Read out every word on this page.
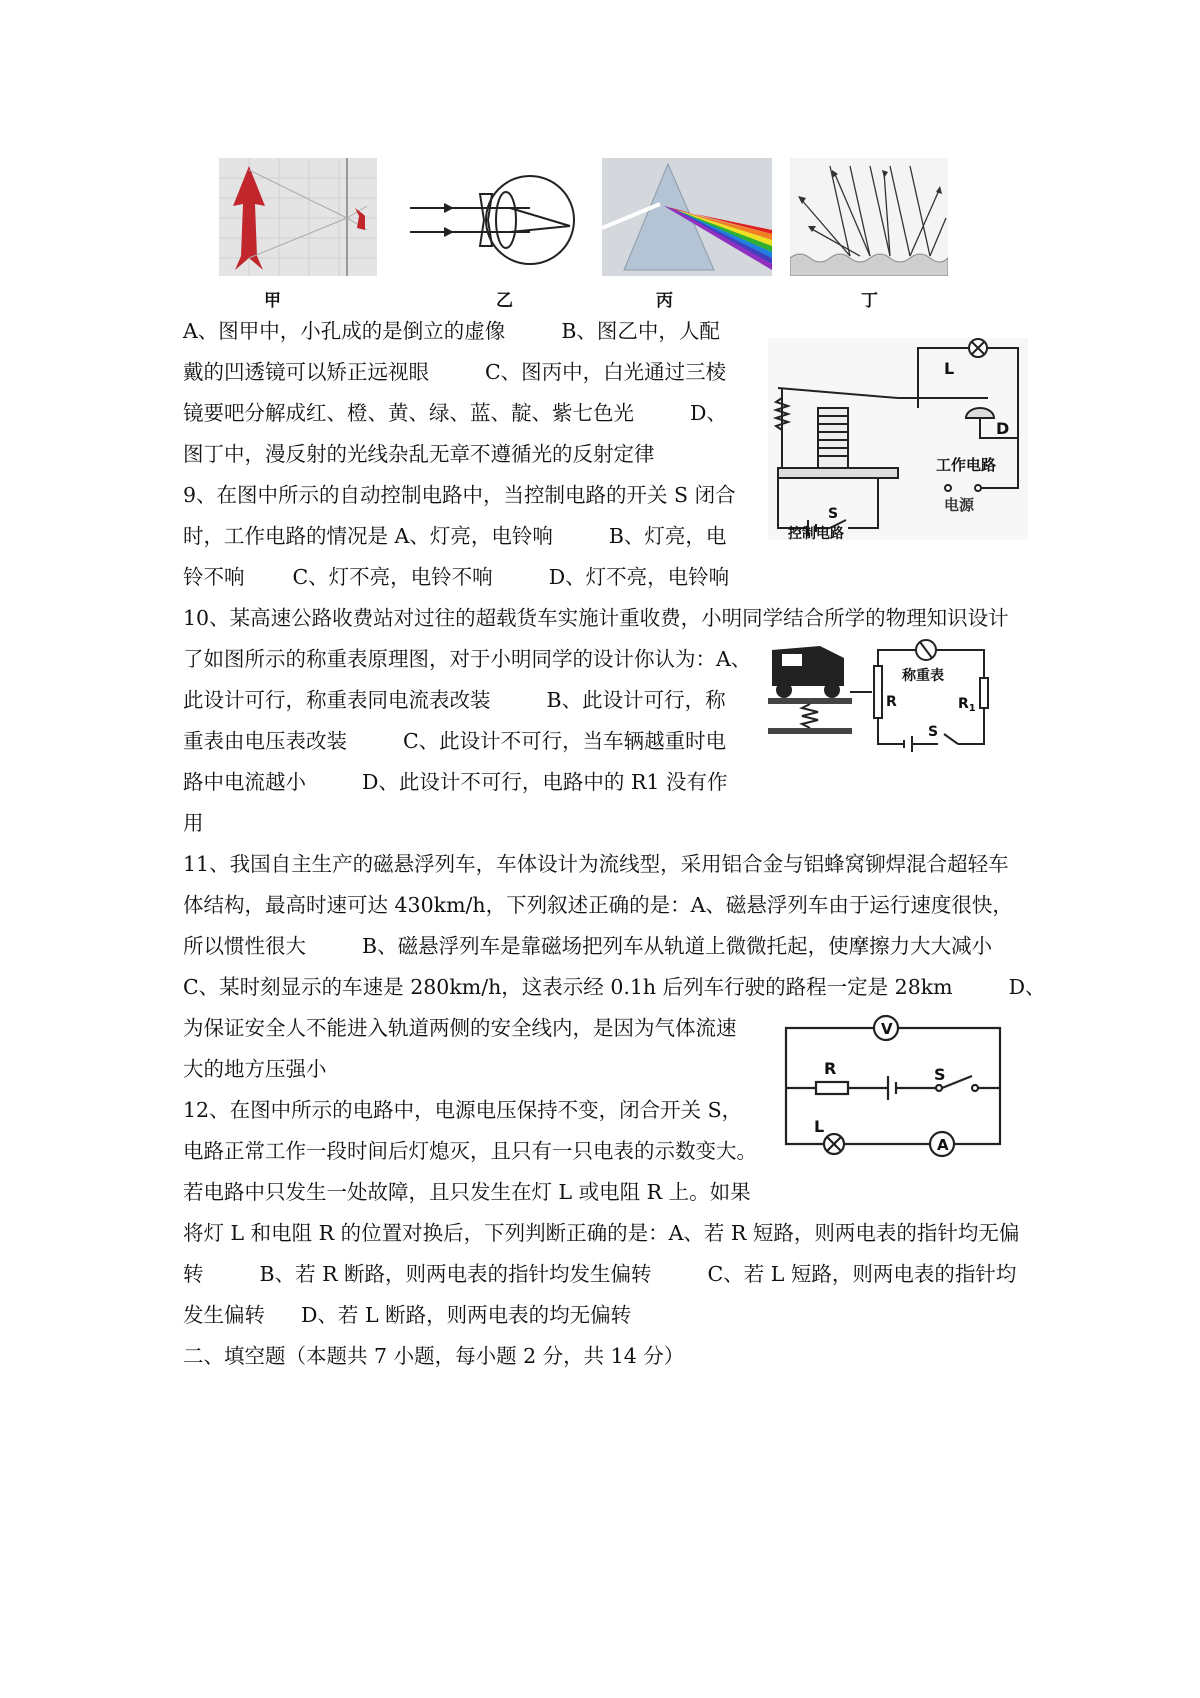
甲	乙	丙	丁
L
D
工作电路
电源
S
控制电路
称重表
R	$R_1$
S
V
R	S
L
A
A、图甲中，小孔成的是倒立的虚像	B、图乙中，人配
戴的凹透镜可以矫正远视眼	C、图丙中，白光通过三棱
镜要吧分解成红、橙、黄、绿、蓝、靛、紫七色光	D、
图丁中，漫反射的光线杂乱无章不遵循光的反射定律
9、在图中所示的自动控制电路中，当控制电路的开关 S 闭合
时，工作电路的情况是 A、灯亮，电铃响	B、灯亮，电
铃不响 C、灯不亮，电铃不响	D、灯不亮，电铃响
10、某高速公路收费站对过往的超载货车实施计重收费，小明同学结合所学的物理知识设计
了如图所示的称重表原理图，对于小明同学的设计你认为：A、
此设计可行，称重表同电流表改装	B、此设计可行，称
重表由电压表改装	C、此设计不可行，当车辆越重时电
路中电流越小	D、此设计不可行，电路中的 R1 没有作
用
11、我国自主生产的磁悬浮列车，车体设计为流线型，采用铝合金与铝蜂窝铆焊混合超轻车
体结构，最高时速可达 430km/h，下列叙述正确的是：A、磁悬浮列车由于运行速度很快，
所以惯性很大	B、磁悬浮列车是靠磁场把列车从轨道上微微托起，使摩擦力大大减小
C、某时刻显示的车速是 280km/h，这表示经 0.1h 后列车行驶的路程一定是 28km	D、
为保证安全人不能进入轨道两侧的安全线内，是因为气体流速
大的地方压强小
12、在图中所示的电路中，电源电压保持不变，闭合开关 S，
电路正常工作一段时间后灯熄灭，且只有一只电表的示数变大。
若电路中只发生一处故障，且只发生在灯 L 或电阻 R 上。如果
将灯 L 和电阻 R 的位置对换后，下列判断正确的是：A、若 R 短路，则两电表的指针均无偏
转	B、若 R 断路，则两电表的指针均发生偏转	C、若 L 短路，则两电表的指针均
发生偏转 D、若 L 断路，则两电表的均无偏转
二、填空题（本题共 7 小题，每小题 2 分，共 14 分）
